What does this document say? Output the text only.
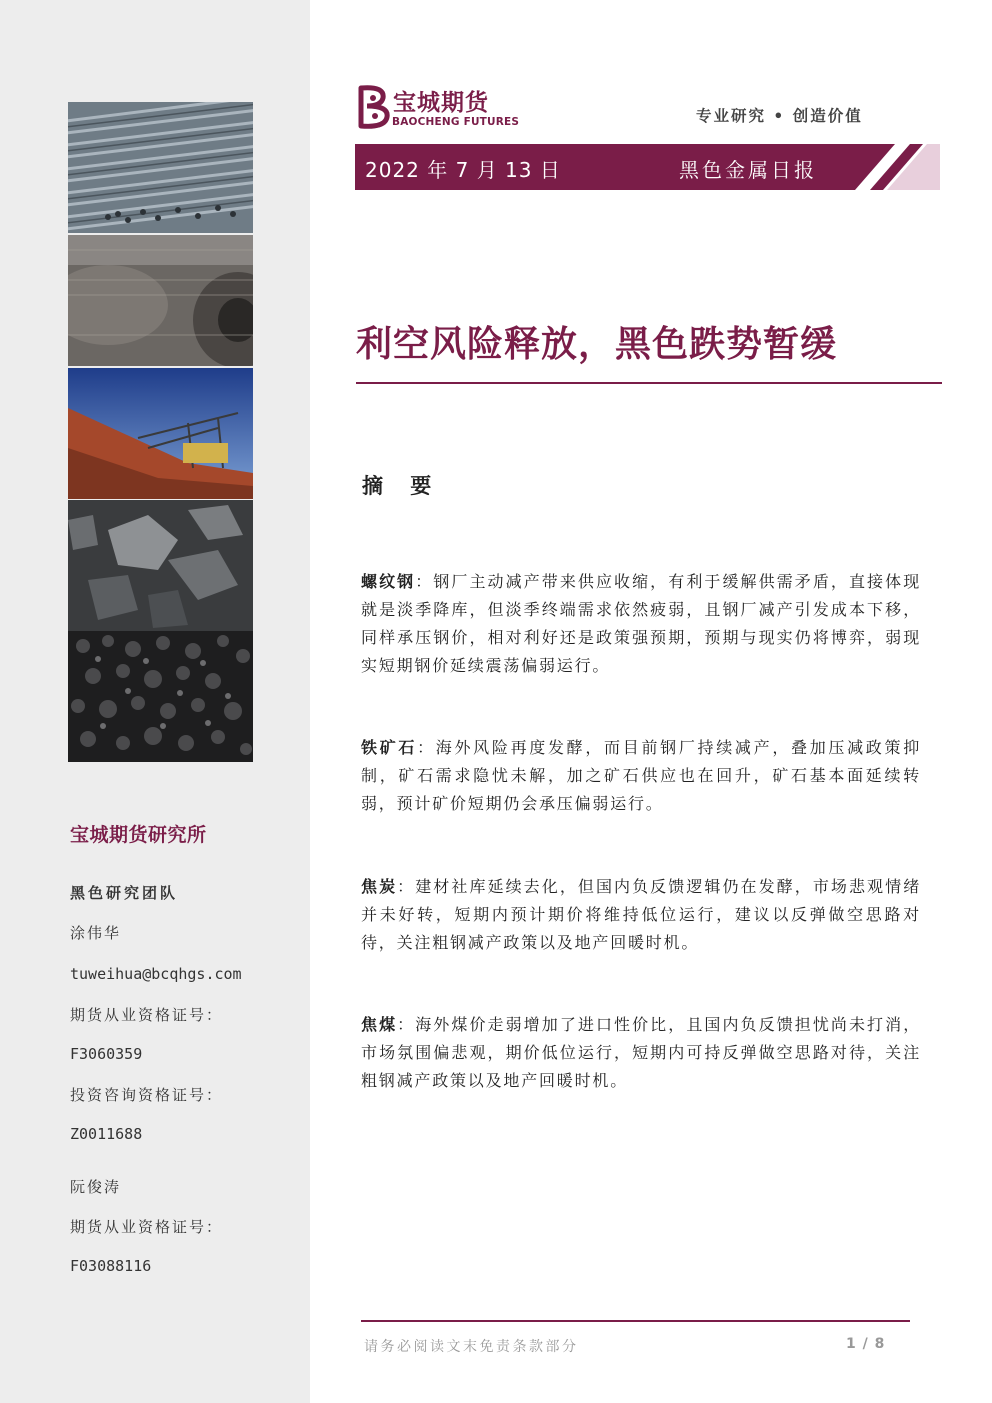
宝城期货研究所
黑色研究团队
涂伟华
tuweihua@bcqhgs.com
期货从业资格证号：
F3060359
投资咨询资格证号：
Z0011688
阮俊涛
期货从业资格证号：
F03088116
宝城期货
BAOCHENG FUTURES	专业研究 • 创造价值
2022 年 7 月 13 日	黑色金属日报
利空风险释放，黑色跌势暂缓
摘 要
螺纹钢：钢厂主动减产带来供应收缩，有利于缓解供需矛盾，直接体现就是淡季降库，但淡季终端需求依然疲弱，且钢厂减产引发成本下移，同样承压钢价，相对利好还是政策强预期，预期与现实仍将博弈，弱现实短期钢价延续震荡偏弱运行。
铁矿石：海外风险再度发酵，而目前钢厂持续减产，叠加压减政策抑制，矿石需求隐忧未解，加之矿石供应也在回升，矿石基本面延续转弱，预计矿价短期仍会承压偏弱运行。
焦炭：建材社库延续去化，但国内负反馈逻辑仍在发酵，市场悲观情绪并未好转，短期内预计期价将维持低位运行，建议以反弹做空思路对待，关注粗钢减产政策以及地产回暖时机。
焦煤：海外煤价走弱增加了进口性价比，且国内负反馈担忧尚未打消，市场氛围偏悲观，期价低位运行，短期内可持反弹做空思路对待，关注粗钢减产政策以及地产回暖时机。
请务必阅读文末免责条款部分	1 / 8
